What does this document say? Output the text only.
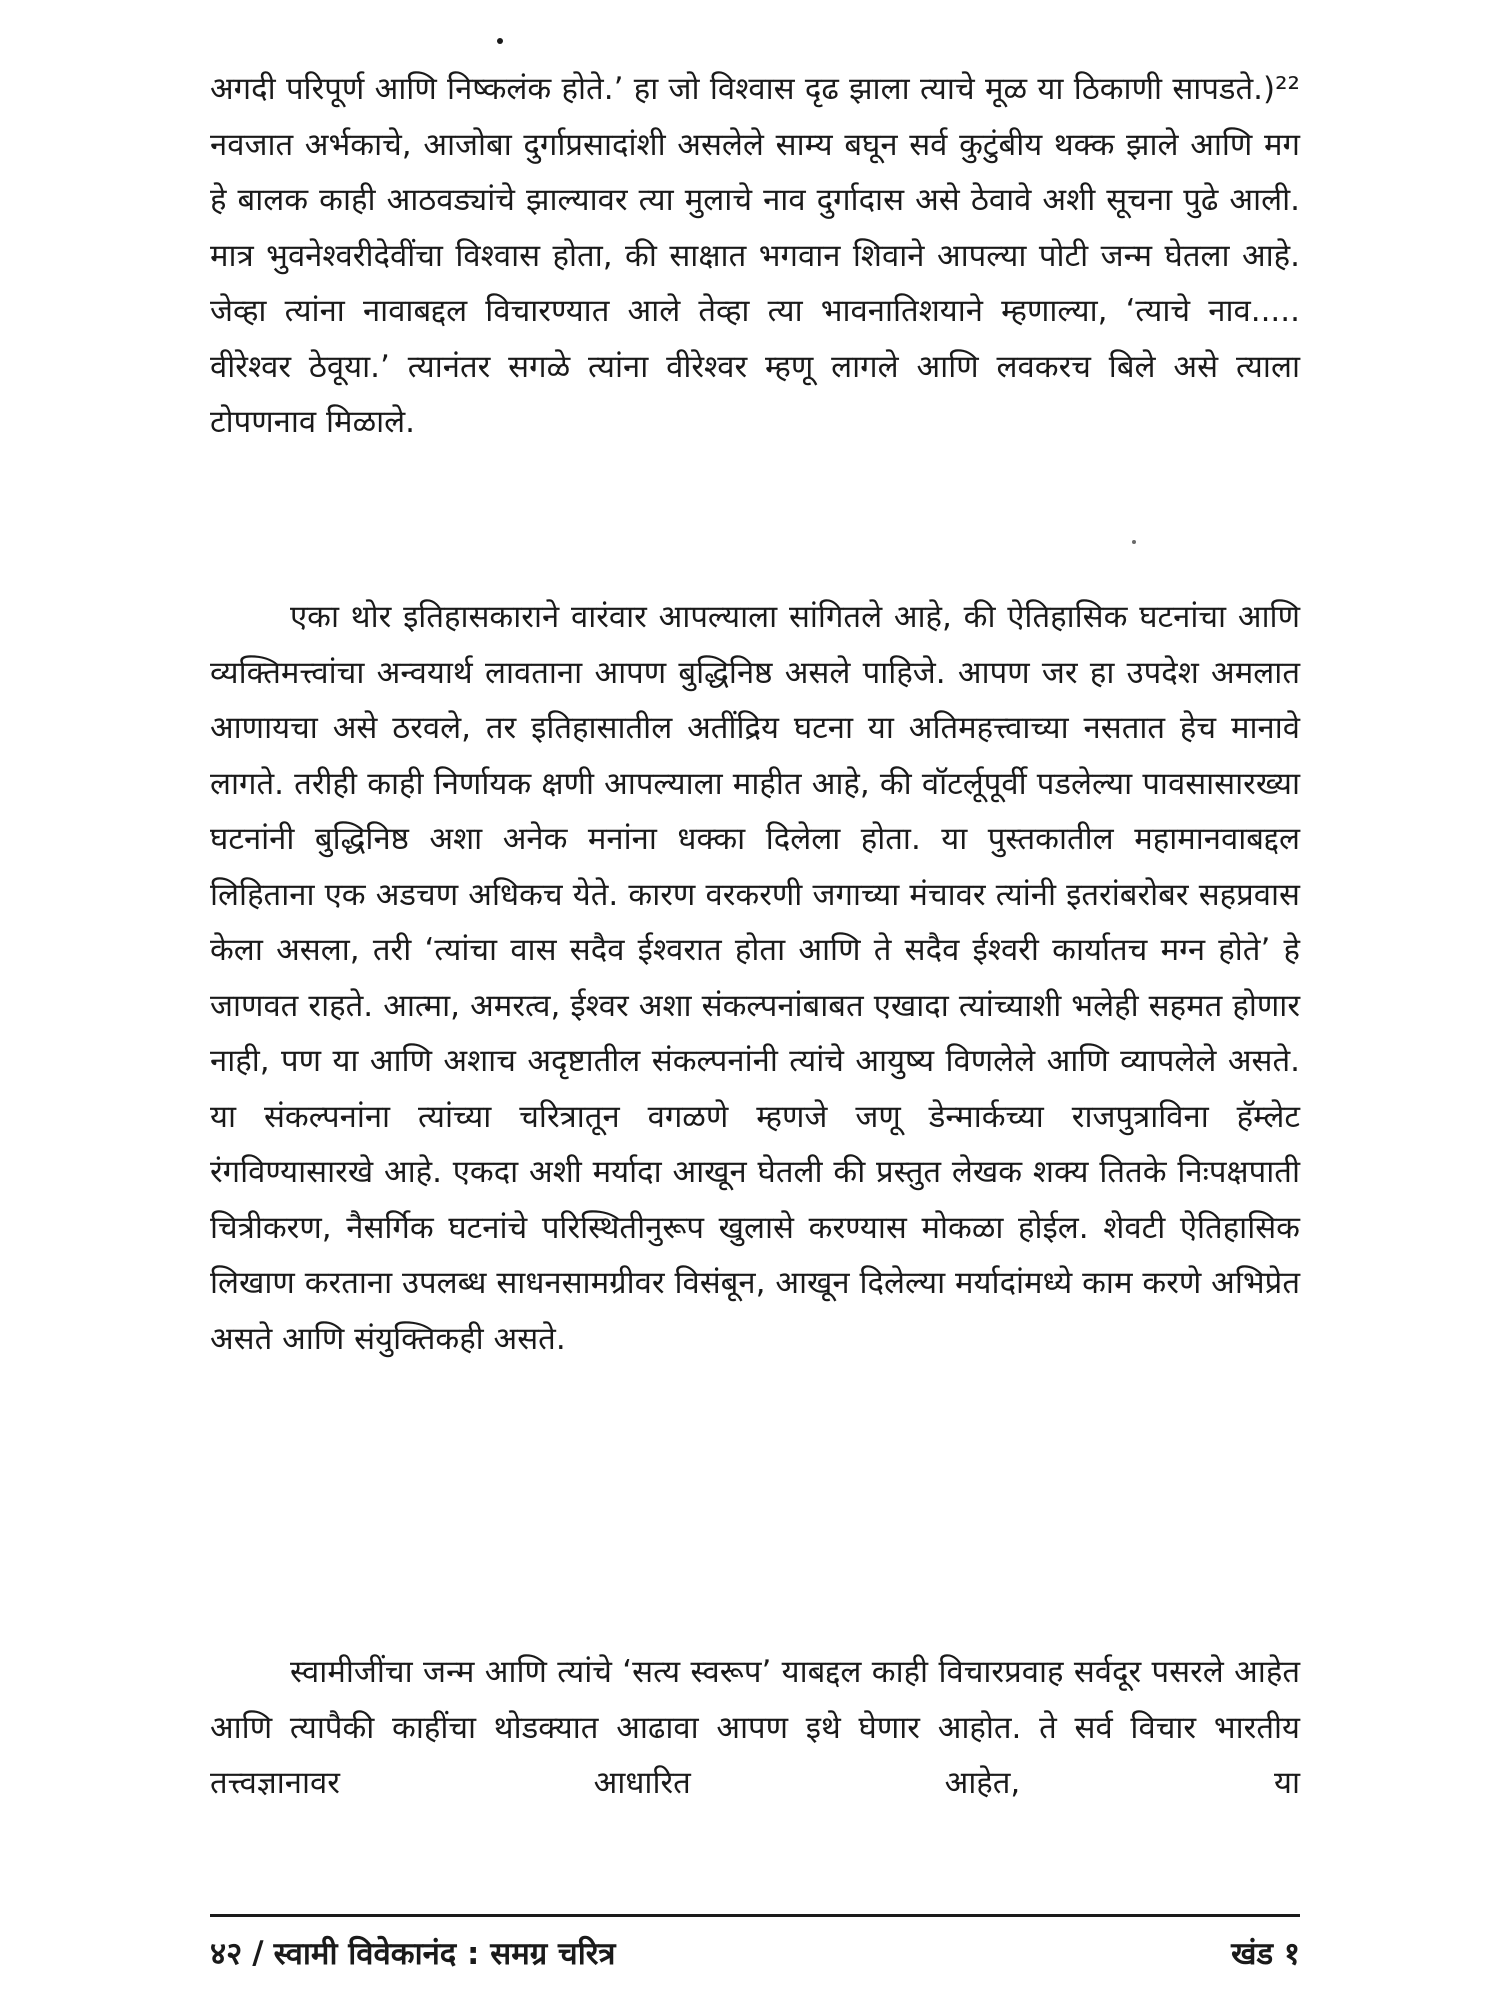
अगदी परिपूर्ण आणि निष्कलंक होते.’ हा जो विश्वास दृढ झाला त्याचे मूळ या ठिकाणी सापडते.)²² नवजात अर्भकाचे, आजोबा दुर्गाप्रसादांशी असलेले साम्य बघून सर्व कुटुंबीय थक्क झाले आणि मग हे बालक काही आठवड्यांचे झाल्यावर त्या मुलाचे नाव दुर्गादास असे ठेवावे अशी सूचना पुढे आली. मात्र भुवनेश्वरीदेवींचा विश्वास होता, की साक्षात भगवान शिवाने आपल्या पोटी जन्म घेतला आहे. जेव्हा त्यांना नावाबद्दल विचारण्यात आले तेव्हा त्या भावनातिशयाने म्हणाल्या, ‘त्याचे नाव..... वीरेश्वर ठेवूया.’ त्यानंतर सगळे त्यांना वीरेश्वर म्हणू लागले आणि लवकरच बिले असे त्याला टोपणनाव मिळाले.

एका थोर इतिहासकाराने वारंवार आपल्याला सांगितले आहे, की ऐतिहासिक घटनांचा आणि व्यक्तिमत्त्वांचा अन्वयार्थ लावताना आपण बुद्धिनिष्ठ असले पाहिजे. आपण जर हा उपदेश अमलात आणायचा असे ठरवले, तर इतिहासातील अतींद्रिय घटना या अतिमहत्त्वाच्या नसतात हेच मानावे लागते. तरीही काही निर्णायक क्षणी आपल्याला माहीत आहे, की वॉटर्लूपूर्वी पडलेल्या पावसासारख्या घटनांनी बुद्धिनिष्ठ अशा अनेक मनांना धक्का दिलेला होता. या पुस्तकातील महामानवाबद्दल लिहिताना एक अडचण अधिकच येते. कारण वरकरणी जगाच्या मंचावर त्यांनी इतरांबरोबर सहप्रवास केला असला, तरी ‘त्यांचा वास सदैव ईश्वरात होता आणि ते सदैव ईश्वरी कार्यातच मग्न होते’ हे जाणवत राहते. आत्मा, अमरत्व, ईश्वर अशा संकल्पनांबाबत एखादा त्यांच्याशी भलेही सहमत होणार नाही, पण या आणि अशाच अदृष्टातील संकल्पनांनी त्यांचे आयुष्य विणलेले आणि व्यापलेले असते. या संकल्पनांना त्यांच्या चरित्रातून वगळणे म्हणजे जणू डेन्मार्कच्या राजपुत्राविना हॅम्लेट रंगविण्यासारखे आहे. एकदा अशी मर्यादा आखून घेतली की प्रस्तुत लेखक शक्य तितके निःपक्षपाती चित्रीकरण, नैसर्गिक घटनांचे परिस्थितीनुरूप खुलासे करण्यास मोकळा होईल. शेवटी ऐतिहासिक लिखाण करताना उपलब्ध साधनसामग्रीवर विसंबून, आखून दिलेल्या मर्यादांमध्ये काम करणे अभिप्रेत असते आणि संयुक्तिकही असते.

स्वामीजींचा जन्म आणि त्यांचे ‘सत्य स्वरूप’ याबद्दल काही विचारप्रवाह सर्वदूर पसरले आहेत आणि त्यापैकी काहींचा थोडक्यात आढावा आपण इथे घेणार आहोत. ते सर्व विचार भारतीय तत्त्वज्ञानावर आधारित आहेत, या

४२ / स्वामी विवेकानंद : समग्र चरित्र	खंड १
